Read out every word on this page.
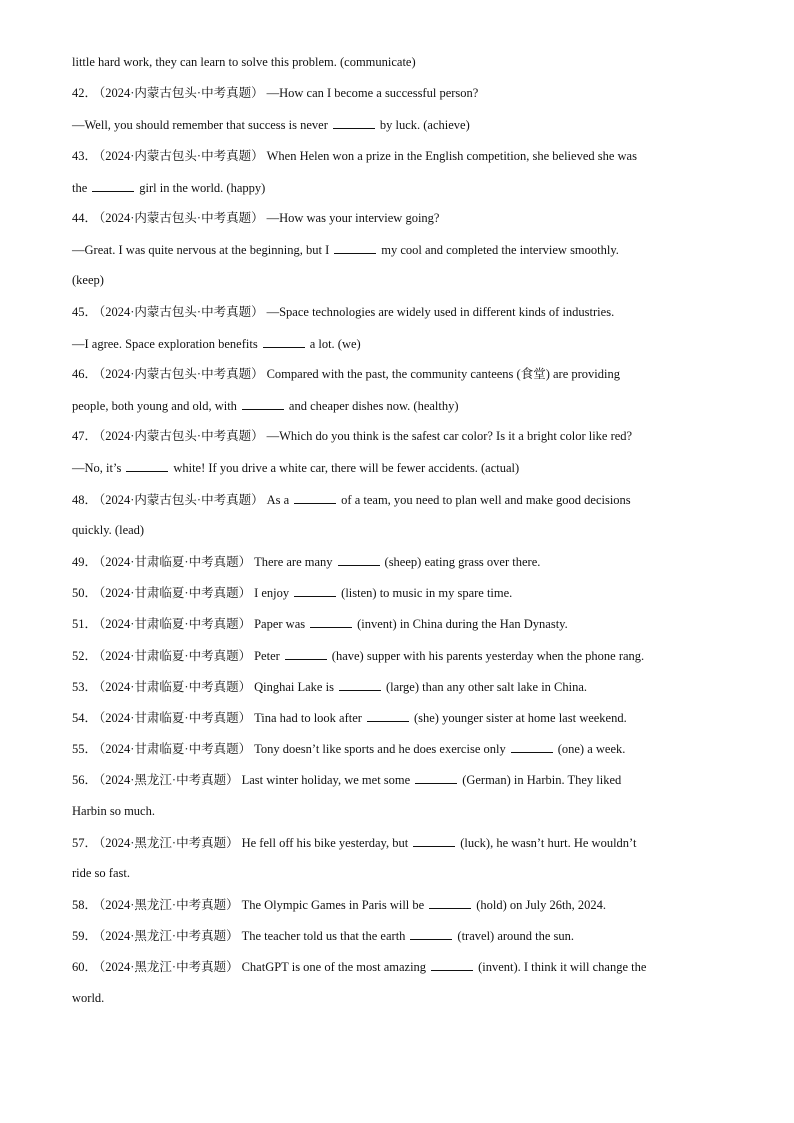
little hard work, they can learn to solve this problem. (communicate)
42． （2024·内蒙古包头·中考真题） —How can I become a successful person?
—Well, you should remember that success is never	by luck. (achieve)
43． （2024·内蒙古包头·中考真题） When Helen won a prize in the English competition, she believed she was
the	girl in the world. (happy)
44． （2024·内蒙古包头·中考真题） —How was your interview going?
—Great. I was quite nervous at the beginning, but I	my cool and completed the interview smoothly.
(keep)
45． （2024·内蒙古包头·中考真题） —Space technologies are widely used in different kinds of industries.
—I agree. Space exploration benefits	a lot. (we)
46． （2024·内蒙古包头·中考真题） Compared with the past, the community canteens (食堂) are providing
people, both young and old, with	and cheaper dishes now. (healthy)
47． （2024·内蒙古包头·中考真题） —Which do you think is the safest car color? Is it a bright color like red?
—No, it’s	white! If you drive a white car, there will be fewer accidents. (actual)
48． （2024·内蒙古包头·中考真题） As a	of a team, you need to plan well and make good decisions
quickly. (lead)
49． （2024·甘肃临夏·中考真题） There are many	(sheep) eating grass over there.
50． （2024·甘肃临夏·中考真题） I enjoy	(listen) to music in my spare time.
51． （2024·甘肃临夏·中考真题） Paper was	(invent) in China during the Han Dynasty.
52． （2024·甘肃临夏·中考真题） Peter	(have) supper with his parents yesterday when the phone rang.
53． （2024·甘肃临夏·中考真题） Qinghai Lake is	(large) than any other salt lake in China.
54． （2024·甘肃临夏·中考真题） Tina had to look after	(she) younger sister at home last weekend.
55． （2024·甘肃临夏·中考真题） Tony doesn’t like sports and he does exercise only	(one) a week.
56． （2024·黑龙江·中考真题） Last winter holiday, we met some	(German) in Harbin. They liked
Harbin so much.
57． （2024·黑龙江·中考真题） He fell off his bike yesterday, but	(luck), he wasn’t hurt. He wouldn’t
ride so fast.
58． （2024·黑龙江·中考真题） The Olympic Games in Paris will be	(hold) on July 26th, 2024.
59． （2024·黑龙江·中考真题） The teacher told us that the earth	(travel) around the sun.
60． （2024·黑龙江·中考真题） ChatGPT is one of the most amazing	(invent). I think it will change the
world.
